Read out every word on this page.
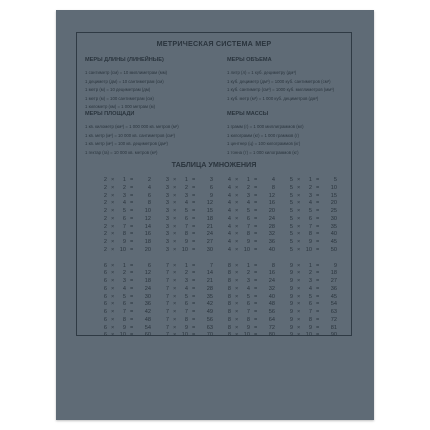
МЕТРИЧЕСКАЯ СИСТЕМА МЕР
МЕРЫ ДЛИНЫ (ЛИНЕЙНЫЕ)
1 сантиметр (см) = 10 миллиметрам (мм)
1 дециметр (дм) = 10 сантиметрам (см)
1 метр (м) = 10 дециметрам (дм)
1 метр (м) = 100 сантиметрам (см)
1 километр (км) = 1 000 метрам (м)
МЕРЫ ОБЪЕМА
1 литр (л) = 1 куб. дециметру (дм³)
1 куб. дециметр (дм³) = 1000 куб. сантиметров (см³)
1 куб. сантиметр (см³) = 1000 куб. миллиметров (мм³)
1 куб. метр (м³) = 1 000 куб. дециметров (дм³)
МЕРЫ ПЛОЩАДИ
1 кв. километр (км²) = 1 000 000 кв. метров (м²)
1 кв. метр (м²) = 10 000 кв. сантиметров (см²)
1 кв. метр (м²) = 100 кв. дециметров (дм²)
1 гектар (га) = 10 000 кв. метров (м²)
МЕРЫ МАССЫ
1 грамм (г) = 1 000 миллиграммов (мг)
1 килограмм (кг) = 1 000 граммов (г)
1 центнер (ц) = 100 килограммов (кг)
1 тонна (т) = 1 000 килограммов (кг)
ТАБЛИЦА УМНОЖЕНИЯ
2 ×	1 =	2
2 ×	2 =	4
2 ×	3 =	6
2 ×	4 =	8
2 ×	5 =	10
2 ×	6 =	12
2 ×	7 =	14
2 ×	8 =	16
2 ×	9 =	18
2 × 10 =	20
6 ×	1 =	6
6 ×	2 =	12
6 ×	3 =	18
6 ×	4 =	24
6 ×	5 =	30
6 ×	6 =	36
6 ×	7 =	42
6 ×	8 =	48
6 ×	9 =	54
6 × 10 =	60
3 ×	1 =	3
3 ×	2 =	6
3 ×	3 =	9
3 ×	4 =	12
3 ×	5 =	15
3 ×	6 =	18
3 ×	7 =	21
3 ×	8 =	24
3 ×	9 =	27
3 × 10 =	30
7 ×	1 =	7
7 ×	2 =	14
7 ×	3 =	21
7 ×	4 =	28
7 ×	5 =	35
7 ×	6 =	42
7 ×	7 =	49
7 ×	8 =	56
7 ×	9 =	63
7 × 10 =	70
4 ×	1 =	4
4 ×	2 =	8
4 ×	3 =	12
4 ×	4 =	16
4 ×	5 =	20
4 ×	6 =	24
4 ×	7 =	28
4 ×	8 =	32
4 ×	9 =	36
4 × 10 =	40
8 ×	1 =	8
8 ×	2 =	16
8 ×	3 =	24
8 ×	4 =	32
8 ×	5 =	40
8 ×	6 =	48
8 ×	7 =	56
8 ×	8 =	64
8 ×	9 =	72
8 × 10 =	80
5 ×	1 =	5
5 ×	2 =	10
5 ×	3 =	15
5 ×	4 =	20
5 ×	5 =	25
5 ×	6 =	30
5 ×	7 =	35
5 ×	8 =	40
5 ×	9 =	45
5 × 10 =	50
9 ×	1 =	9
9 ×	2 =	18
9 ×	3 =	27
9 ×	4 =	36
9 ×	5 =	45
9 ×	6 =	54
9 ×	7 =	63
9 ×	8 =	72
9 ×	9 =	81
9 × 10 =	90
